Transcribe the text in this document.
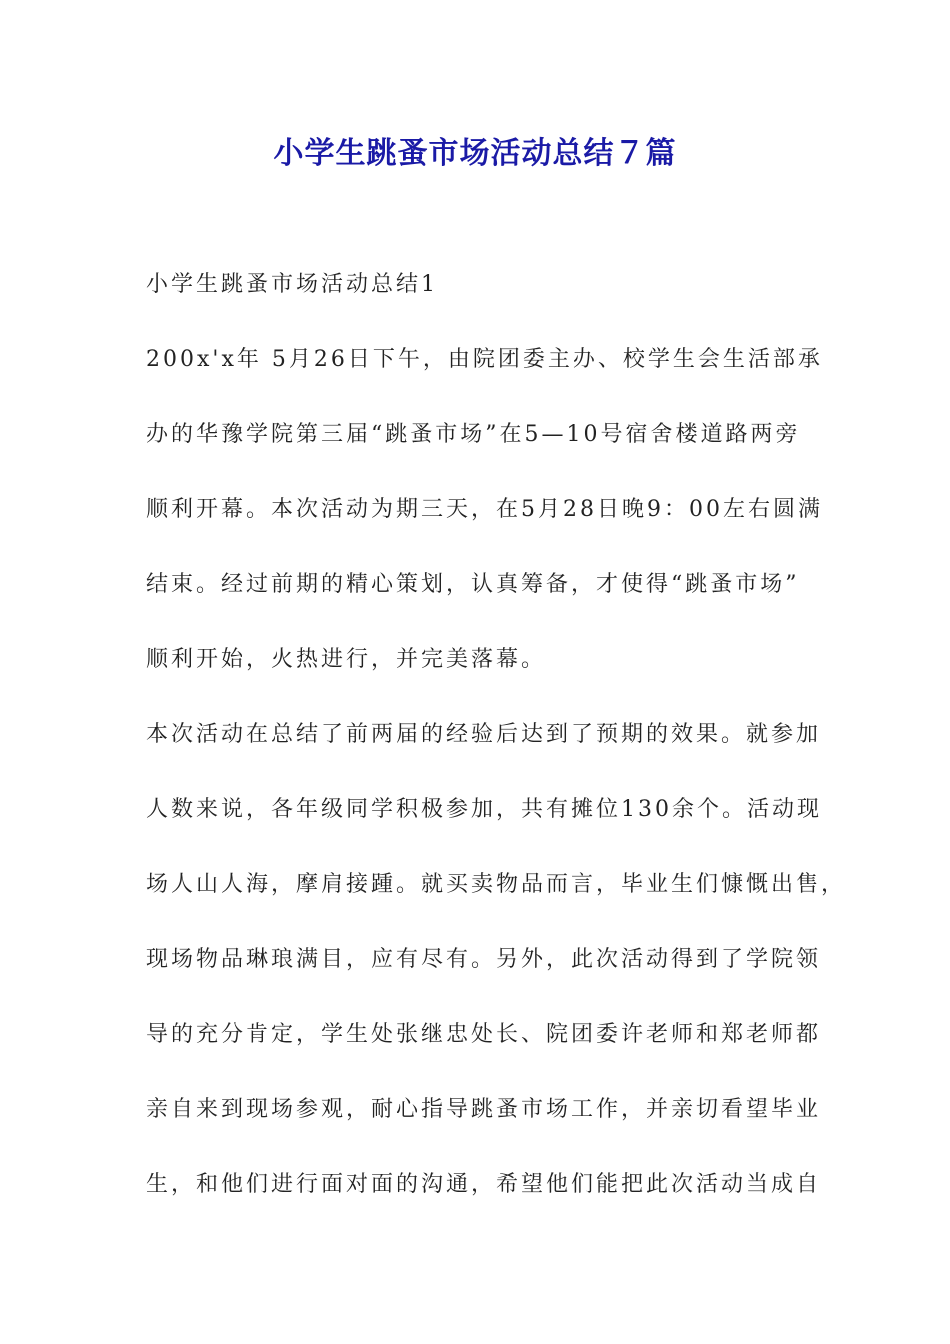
小学生跳蚤市场活动总结７篇
小学生跳蚤市场活动总结1
200x'x年 5月26日下午，由院团委主办、校学生会生活部承
办的华豫学院第三届“跳蚤市场”在5—10号宿舍楼道路两旁
顺利开幕。本次活动为期三天，在5月28日晚9：00左右圆满
结束。经过前期的精心策划，认真筹备，才使得“跳蚤市场”
顺利开始，火热进行，并完美落幕。
本次活动在总结了前两届的经验后达到了预期的效果。就参加
人数来说，各年级同学积极参加，共有摊位130余个。活动现
场人山人海，摩肩接踵。就买卖物品而言，毕业生们慷慨出售，
现场物品琳琅满目，应有尽有。另外，此次活动得到了学院领
导的充分肯定，学生处张继忠处长、院团委许老师和郑老师都
亲自来到现场参观，耐心指导跳蚤市场工作，并亲切看望毕业
生，和他们进行面对面的沟通，希望他们能把此次活动当成自
